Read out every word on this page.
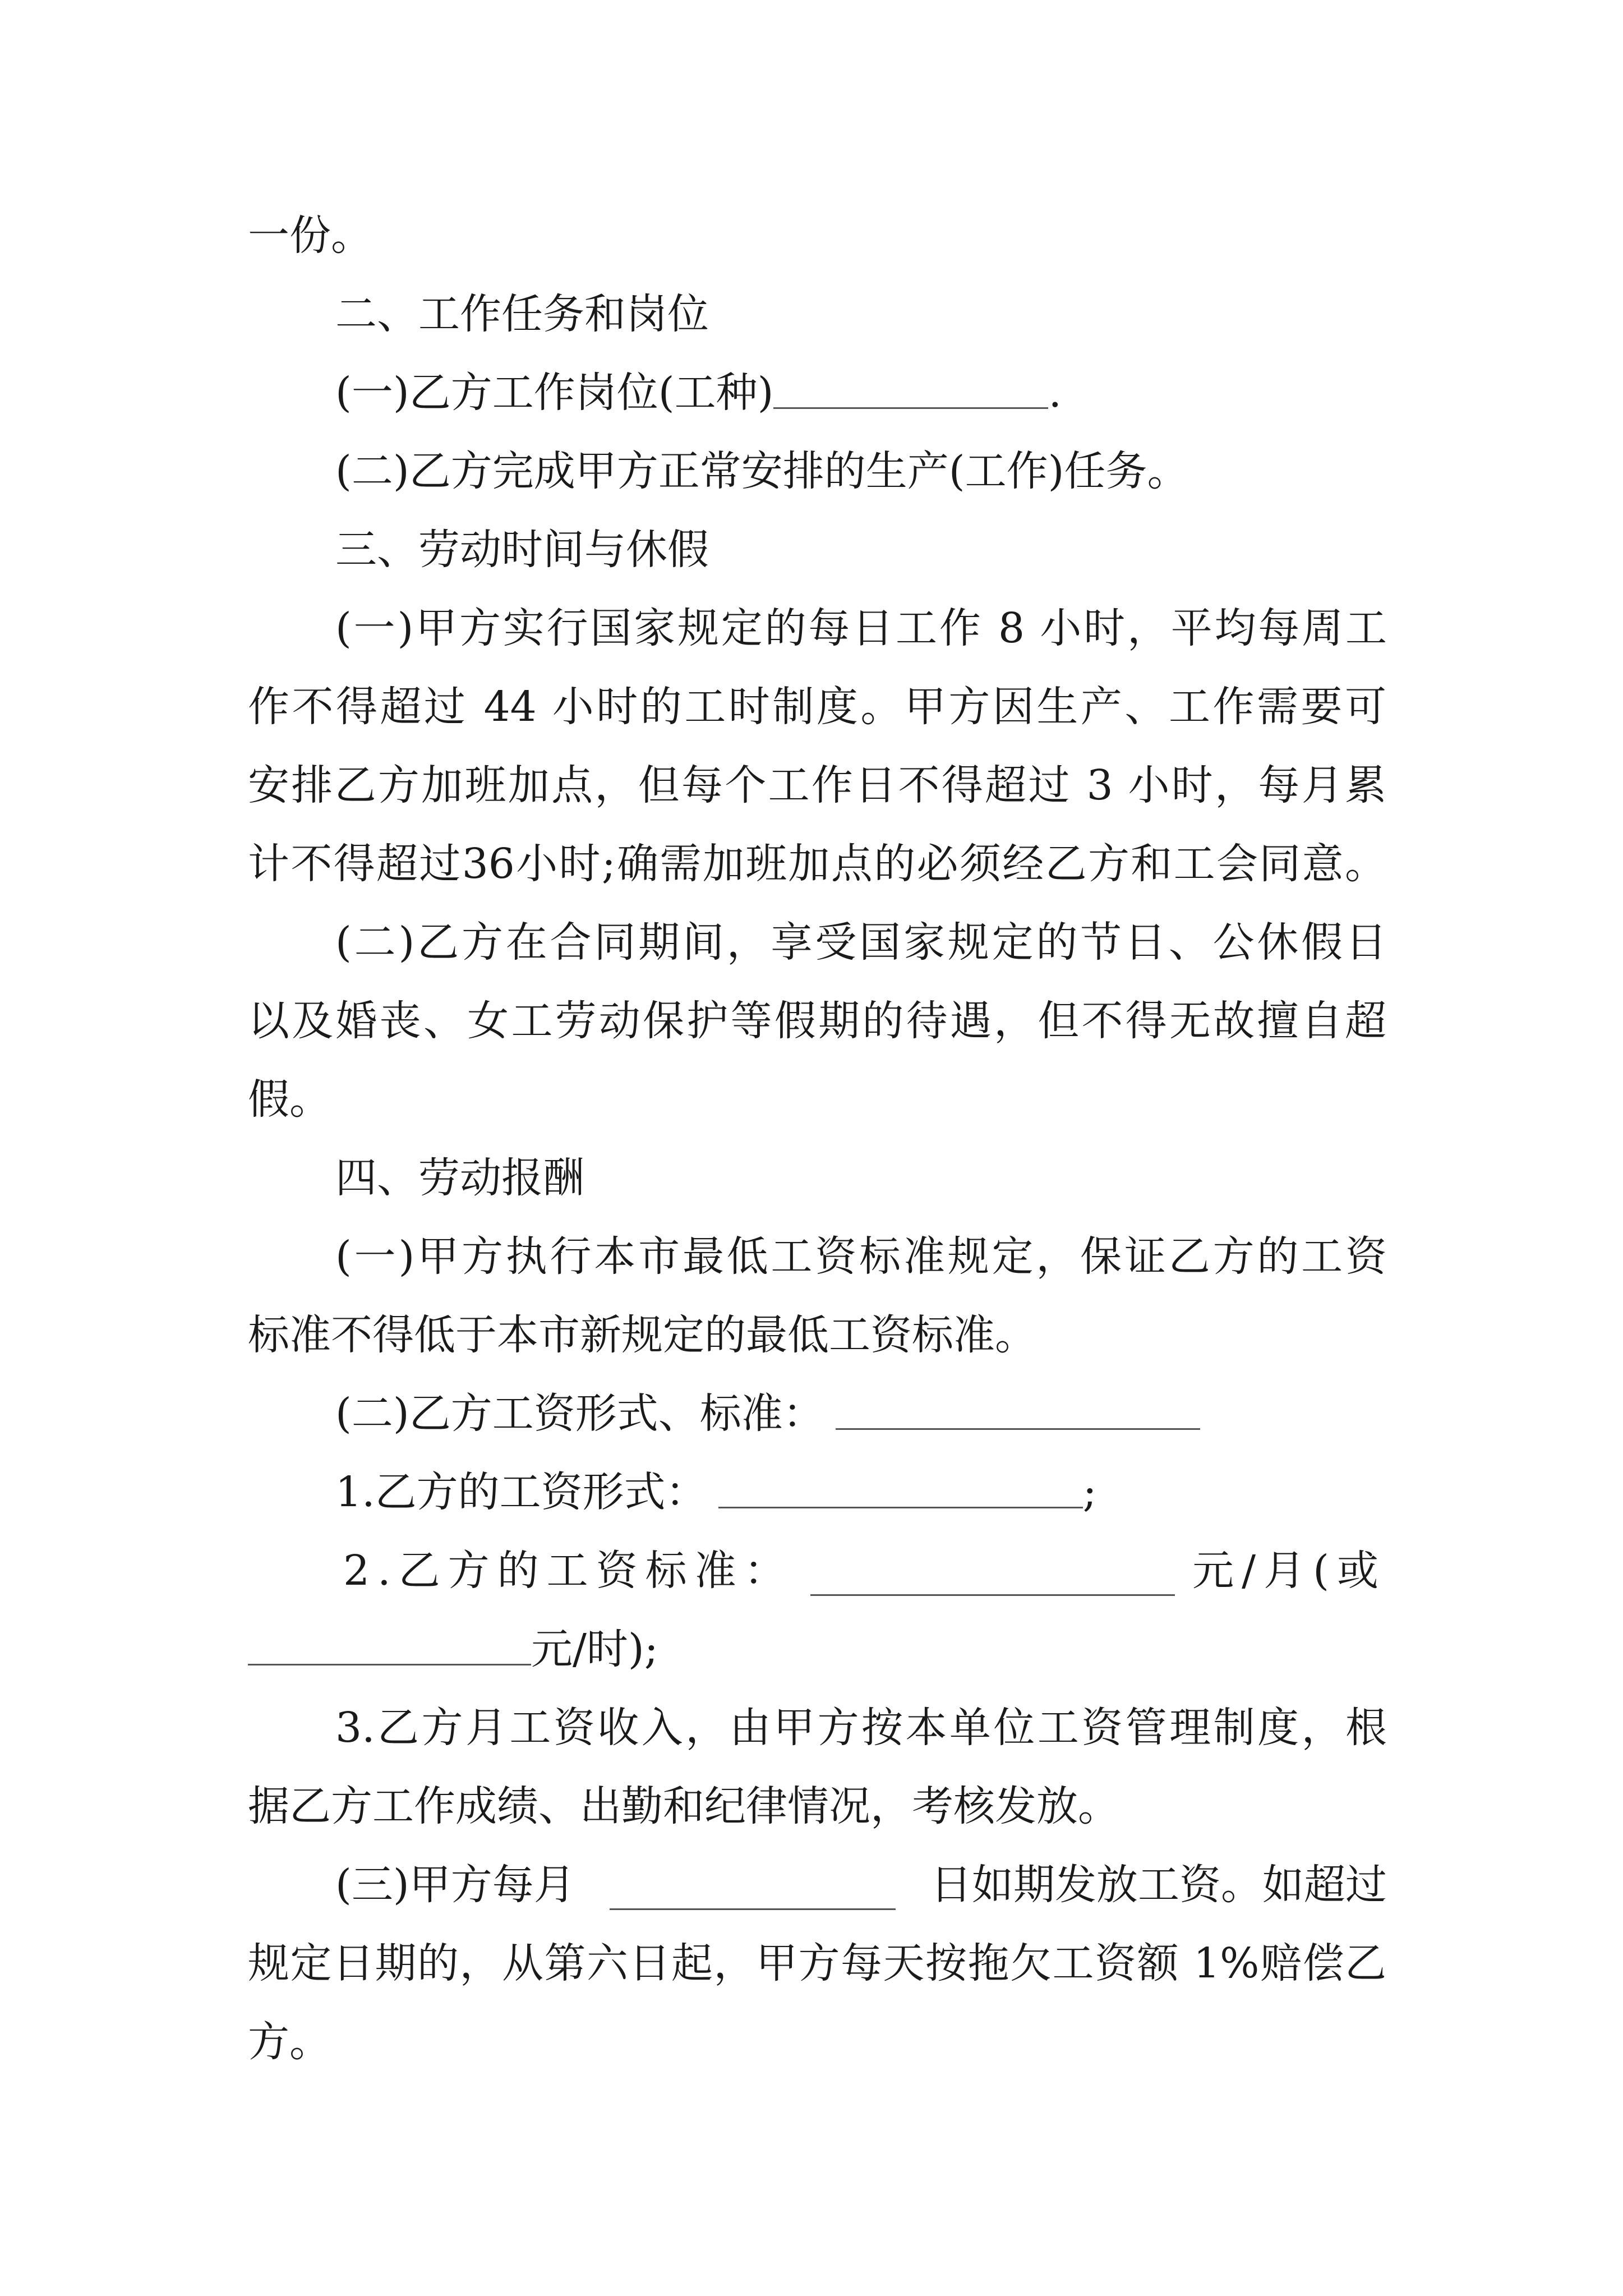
一份。
二、工作任务和岗位
(一)乙方工作岗位(工种)	.
(二)乙方完成甲方正常安排的生产(工作)任务。
三、劳动时间与休假
(一)甲方实行国家规定的每日工作 8 小时，平均每周工
作不得超过 44 小时的工时制度。甲方因生产、工作需要可
安排乙方加班加点，但每个工作日不得超过 3 小时，每月累
计不得超过36小时;确需加班加点的必须经乙方和工会同意。
(二)乙方在合同期间，享受国家规定的节日、公休假日
以及婚丧、女工劳动保护等假期的待遇，但不得无故擅自超
假。
四、劳动报酬
(一)甲方执行本市最低工资标准规定，保证乙方的工资
标准不得低于本市新规定的最低工资标准。
(二)乙方工资形式、标准：
1.乙方的工资形式：	;
2.乙方的工资标准：	元/月(或
元/时);
3.乙方月工资收入，由甲方按本单位工资管理制度，根
据乙方工作成绩、出勤和纪律情况，考核发放。
(三)甲方每月	日如期发放工资。如超过
规定日期的，从第六日起，甲方每天按拖欠工资额 1%赔偿乙
方。
